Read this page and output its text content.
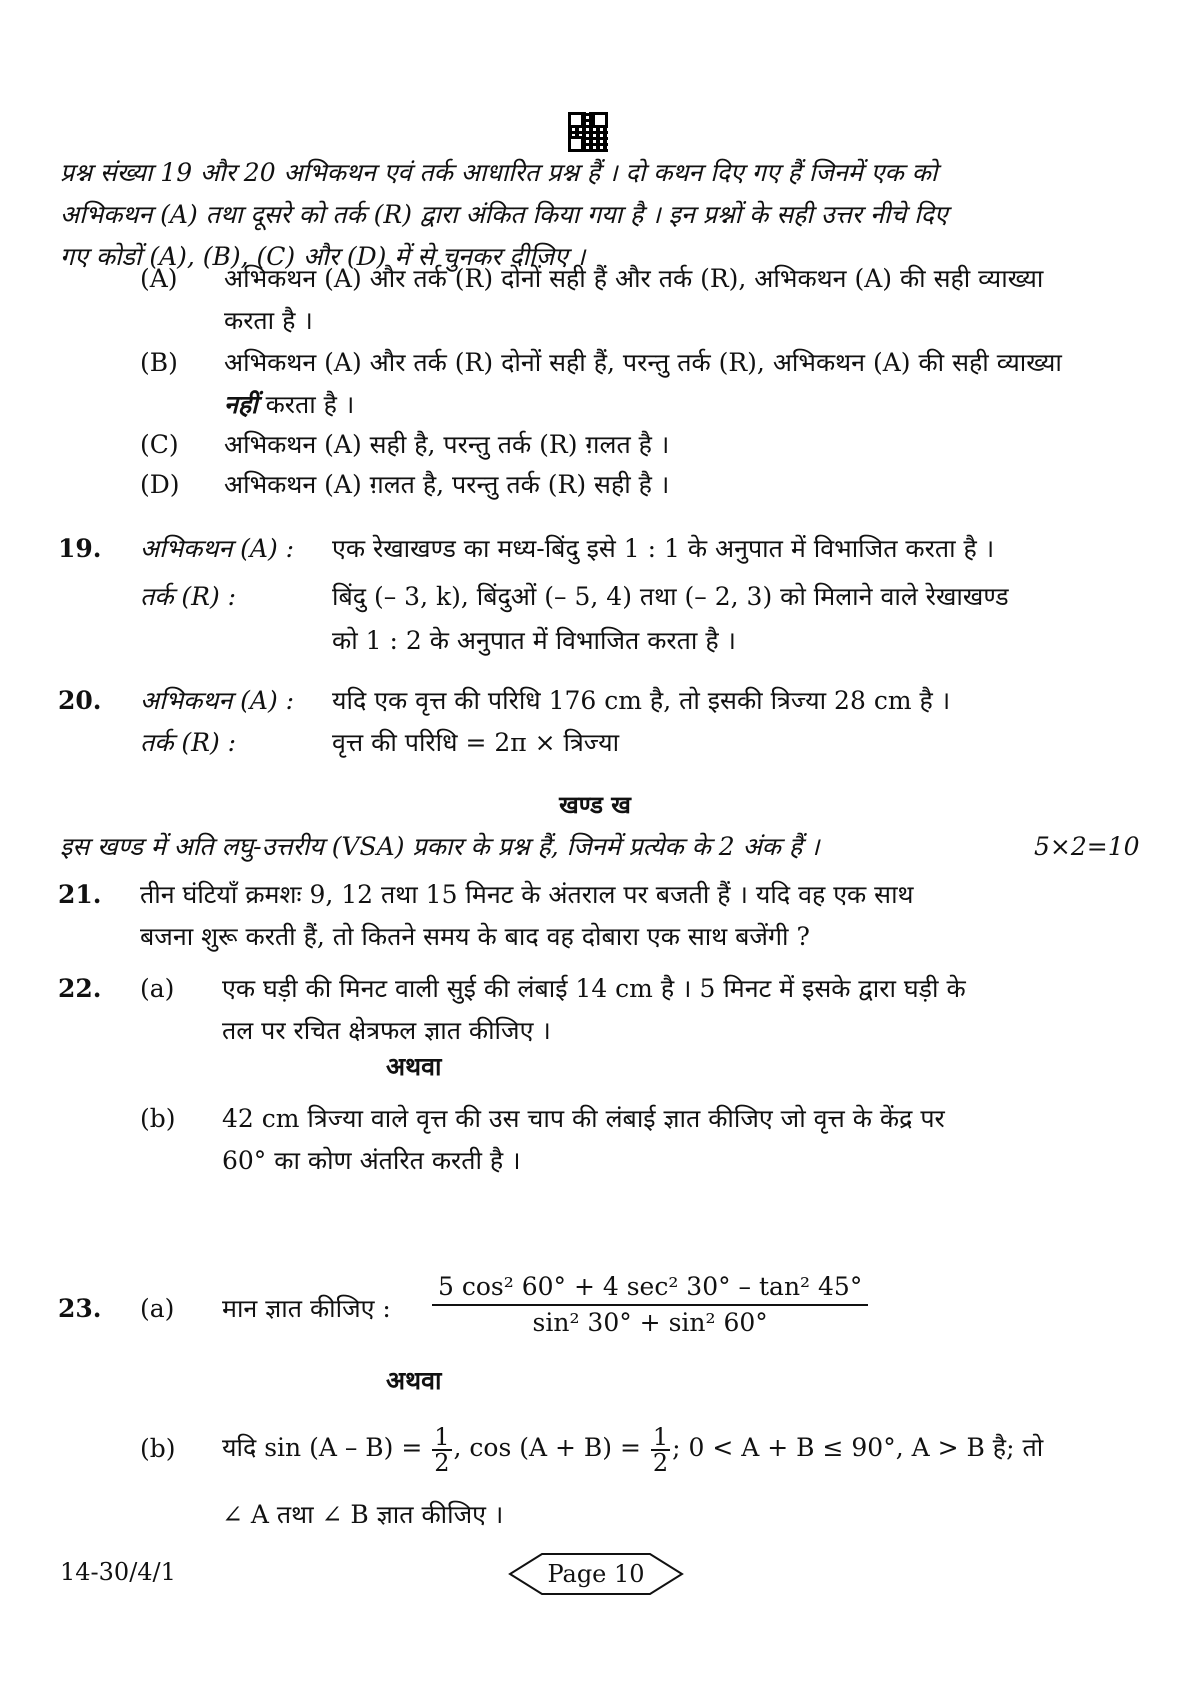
प्रश्न संख्या 19 और 20 अभिकथन एवं तर्क आधारित प्रश्न हैं । दो कथन दिए गए हैं जिनमें एक को
अभिकथन (A) तथा दूसरे को तर्क (R) द्वारा अंकित किया गया है । इन प्रश्नों के सही उत्तर नीचे दिए
गए कोडों (A), (B), (C) और (D) में से चुनकर दीजिए ।
(A) अभिकथन (A) और तर्क (R) दोनों सही हैं और तर्क (R), अभिकथन (A) की सही व्याख्या करता है ।
(B) अभिकथन (A) और तर्क (R) दोनों सही हैं, परन्तु तर्क (R), अभिकथन (A) की सही व्याख्या नहीं करता है ।
(C) अभिकथन (A) सही है, परन्तु तर्क (R) ग़लत है ।
(D) अभिकथन (A) ग़लत है, परन्तु तर्क (R) सही है ।
19. अभिकथन (A) : एक रेखाखण्ड का मध्य-बिंदु इसे 1 : 1 के अनुपात में विभाजित करता है ।
तर्क (R) :	बिंदु (– 3, k), बिंदुओं (– 5, 4) तथा (– 2, 3) को मिलाने वाले रेखाखण्ड
को 1 : 2 के अनुपात में विभाजित करता है ।
20. अभिकथन (A) : यदि एक वृत्त की परिधि 176 cm है, तो इसकी त्रिज्या 28 cm है ।
तर्क (R) :	वृत्त की परिधि = 2π × त्रिज्या
खण्ड ख
इस खण्ड में अति लघु-उत्तरीय (VSA) प्रकार के प्रश्न हैं, जिनमें प्रत्येक के 2 अंक हैं ।	5×2=10
21. तीन घंटियाँ क्रमशः 9, 12 तथा 15 मिनट के अंतराल पर बजती हैं । यदि वह एक साथ
बजना शुरू करती हैं, तो कितने समय के बाद वह दोबारा एक साथ बजेंगी ?
22. (a) एक घड़ी की मिनट वाली सुई की लंबाई 14 cm है । 5 मिनट में इसके द्वारा घड़ी के
तल पर रचित क्षेत्रफल ज्ञात कीजिए ।
अथवा
(b) 42 cm त्रिज्या वाले वृत्त की उस चाप की लंबाई ज्ञात कीजिए जो वृत्त के केंद्र पर
60° का कोण अंतरित करती है ।
23. (a) मान ज्ञात कीजिए : $\frac{\text{5 cos² 60° + 4 sec² 30° – tan² 45°}}{\text{sin² 30° + sin² 60°}}$
अथवा
(b) यदि $\sin (A - B) = \frac{1}{2}$ , $\cos (A + B) = \frac{1}{2}$ ; 0 < A + B ≤ 90°, A > B है; तो
∠ A तथा ∠ B ज्ञात कीजिए ।
14-30/4/1	Page 10
